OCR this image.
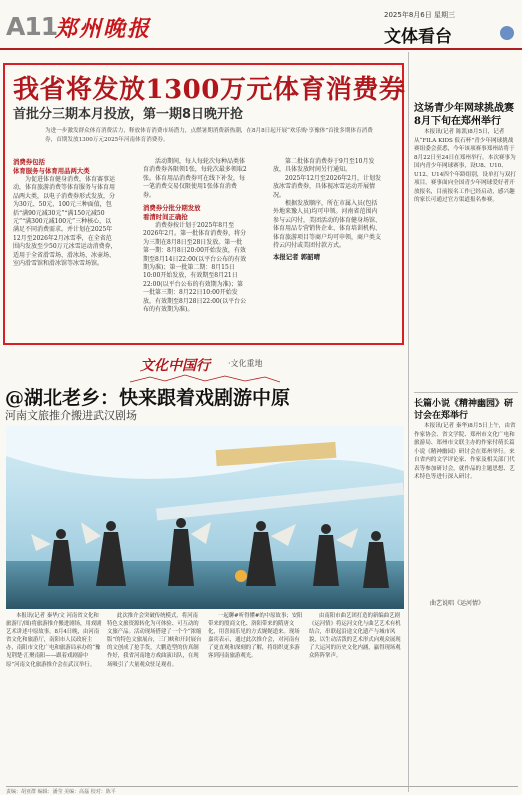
A11
郑州晚报
2025年8月6日 星期三
文体看台
我省将发放1300万元体育消费券
首批分三期本月投放，第一期8日晚开抢
为进一步激发群众体育消费活力，释放体育消费市场潜力，点燃暑期消费新热潮，在8月8日起开展“欢乐购·享豫体”首批多期体育消费券，首期发放1300万元2025年河南体育消费券。
消费券包括
体育服务与体育用品两大类

为促进体育健身消费，体育赛事运动，体育旅游消费等体育服务与体育用品两大类，以电子消费券形式发放，分为30元、50元、100元三种面值，包括“满90元减30元”“满150元减50元”“满300元减100元”三种核心，以满足不同消费需求。并计划在2025年12月至2026年2月冰雪季，在全省范围内发放至少50万元冰雪运动消费券，适用于全省滑雪场、滑冰场、冰壶场、室内滑雪馆和滑冰馆等冰雪场馆。

活动期间，每人每轮次每种品类体育消费券各限领1张，每轮次最多领取2张。体育用品消费券可在线下补发，每一笔消费交易仅限使用1张体育消费券。

消费券分批分期发放
看清时间正确抢

消费券按计划于2025年8月至2026年2月。第一批体育消费券，将分为三期在8月8日至28日发放。第一批第一期：8月8日20:00开始发放，有效期至8月14日22:00(以平台公布的有效期为准)；第一批第二期：8月15日10:00开始发放，有效期至8月21日22:00(以平台公布的有效期为准)；第一批第三期：8月22日10:00开始发放，有效期至8月28日22:00(以平台公布的有效期为准)。

第二批体育消费券于9月至10月发放，具体发放时间另行通知。

2025年12月至2026年2月，计划发放冰雪消费券，具体视冰雪运动开展情况。

根据发放顺序，所在市属入员(包括外地来豫人员)均可申领。河南省范围内参与云闪付，美团活动的体育健身场馆、体育用品专营销售企业、体育培训机构、体育旅游项目等商户均可申领，商户类支持云闪付或美团付款方式。

本报记者 郭韶晴
文化中国行 ·文化重地
@湖北老乡：快来跟着戏剧游中原
河南文旅推介搬进武汉剧场
曲艺说唱《运河情》

本报讯(记者 秦华/文 河南省文化和旅游厅/图)将旅游推介搬进剧场，用戏剧艺术讲述中原故事。8月4日晚，由河南省文化和旅游厅，南阳市人民政府主办，南阳市文化广电和旅游局承办的“豫见荆楚·汇聚南阳——跟着戏剧游中原”河南文化旅游推介会在武汉举行。

此次推介会突破传统模式，将河南特色文旅资源转化为可体验、可互动的文旅产品。活动现场搭建了一个个“浓缩版”的特色文旅展台，三门峡和开封展台的文创成了抢手货，大鹏造型的仿真制作好，我省河南地方戏曲演出队，在现场吸引了大量观众驻足观看。

一起聊#听得懂#的中原故事；安阳带来的殷商文化、洛阳带来的隋唐文化，用喜闻乐见的方式娓娓道来。现场嘉宾表示，通过此次推介会，对河南有了更直观和深刻的了解，将组织更多游客到河南旅游观光。

由南阳市曲艺团打造的新编曲艺剧《运河情》将运河文化与曲艺艺术有机结合，串联起沿途文化遗产与城市风貌，以生动活泼的艺术形式向观众展现了大运河的历史文化内涵，赢得现场观众阵阵掌声。

这场青少年网球挑战赛8月下旬在郑州举行

本报讯(记者 陈凯)8月5日，记者从“FILA KIDS 仮石杯”青少年网球挑战赛组委会获悉，今年该项赛事郑州站将于8月22日至24日在郑州举行。本次赛事为国内青少年网球赛事，设U8、U10、U12、U14四个年龄组别，设单打与双打项目。赛事面向全国青少年网球爱好者开放报名，目前报名工作已经启动，感兴趣的家长可通过官方渠道报名参赛。

长篇小说《精神幽园》研讨会在郑举行

本报讯(记者 秦华)8月5日上午，由省作家协会、省文学院、郑州市文化广电和旅游局、郑州市文联主办的作家付萌长篇小说《精神幽园》研讨会在郑州举行。来自省内的文学评论家、作家及相关部门代表等参加研讨会，就作品的主题思想、艺术特色等进行深入研讨。

责编：胡亚群 编辑：潘莹 美编：高磊 校对：陈平
